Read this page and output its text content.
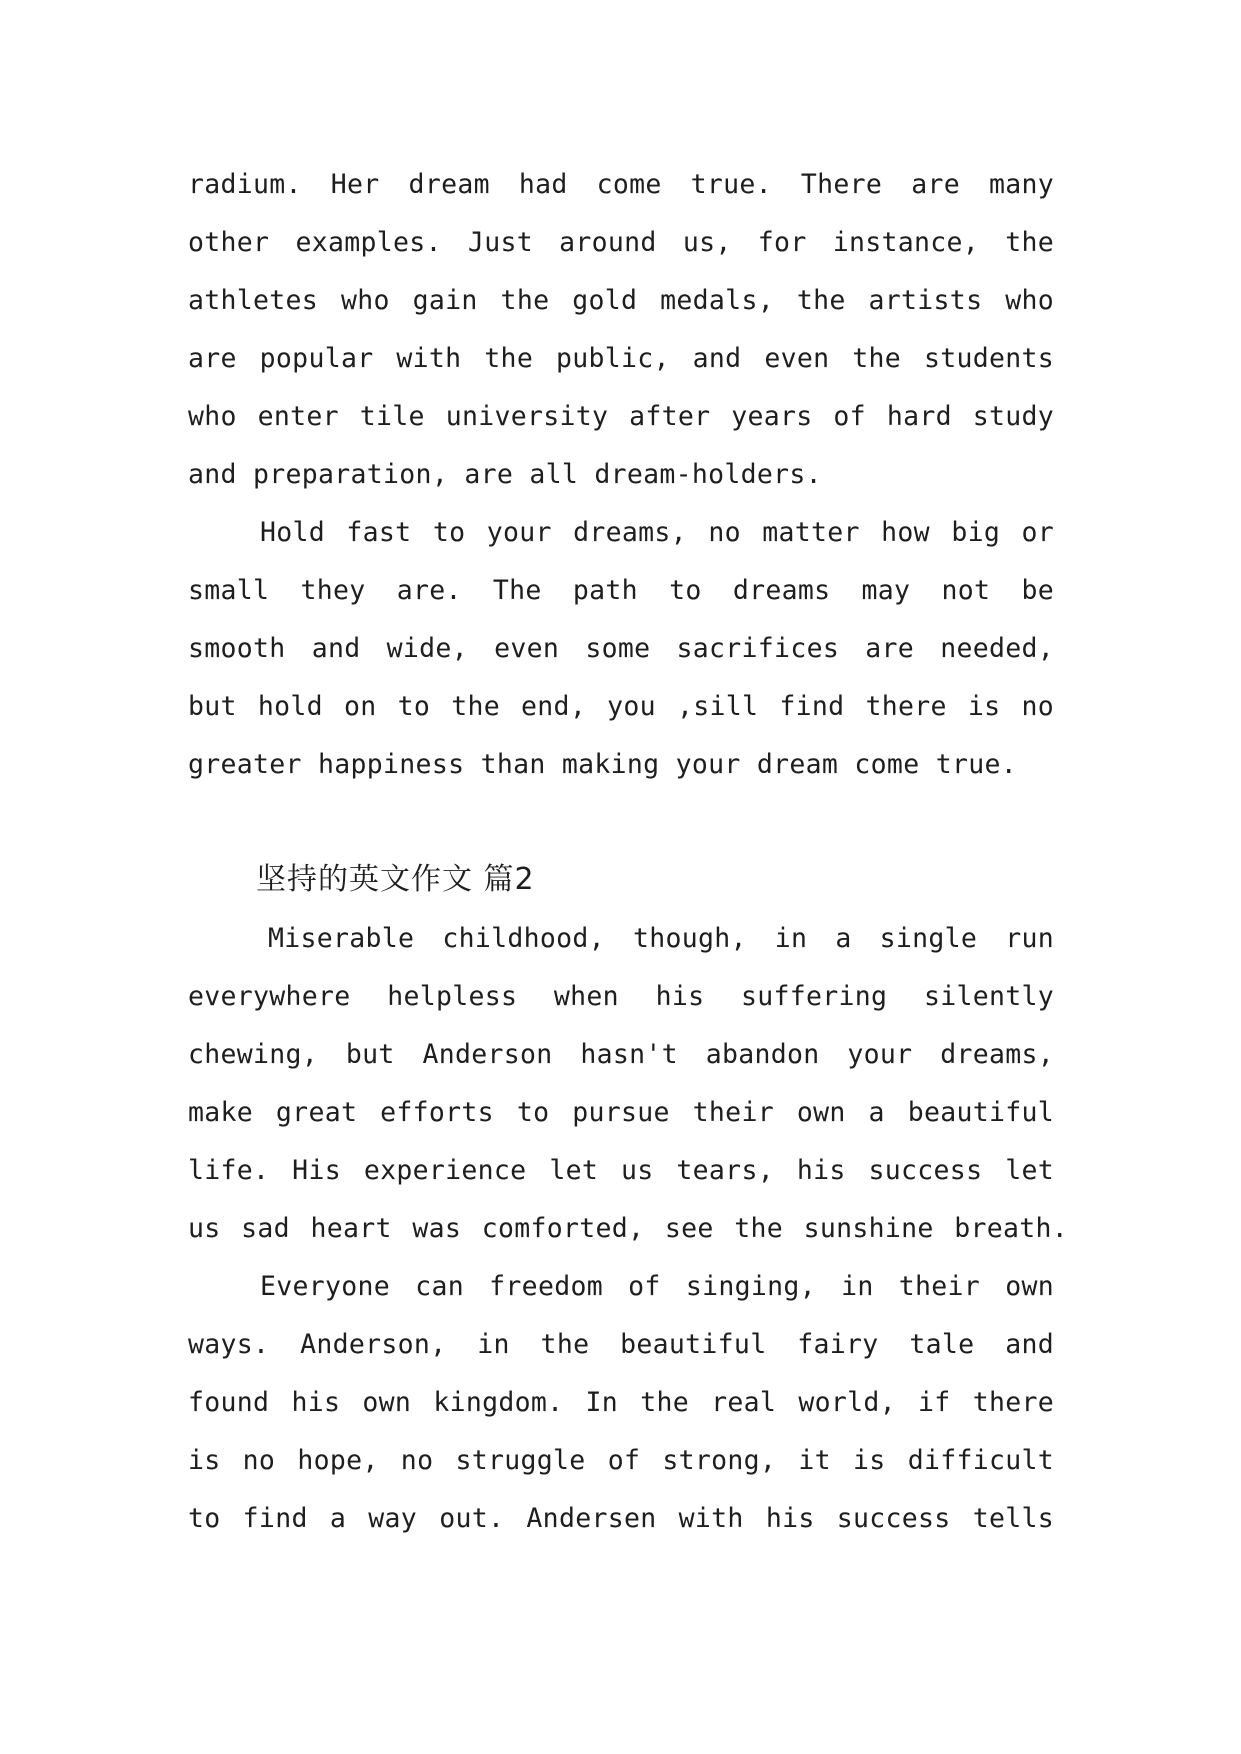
radium. Her dream had come true. There are many
other examples. Just around us, for instance, the
athletes who gain the gold medals, the artists who
are popular with the public, and even the students
who enter tile university after years of hard study
and preparation, are all dream-holders.
Hold fast to your dreams, no matter how big or
small they are. The path to dreams may not be
smooth and wide, even some sacrifices are needed,
but hold on to the end, you ,sill find there is no
greater happiness than making your dream come true.
坚持的英文作文 篇2
Miserable childhood, though, in a single run
everywhere helpless when his suffering silently
chewing, but Anderson hasn't abandon your dreams,
make great efforts to pursue their own a beautiful
life. His experience let us tears, his success let
us sad heart was comforted, see the sunshine breath.
Everyone can freedom of singing, in their own
ways. Anderson, in the beautiful fairy tale and
found his own kingdom. In the real world, if there
is no hope, no struggle of strong, it is difficult
to find a way out. Andersen with his success tells
